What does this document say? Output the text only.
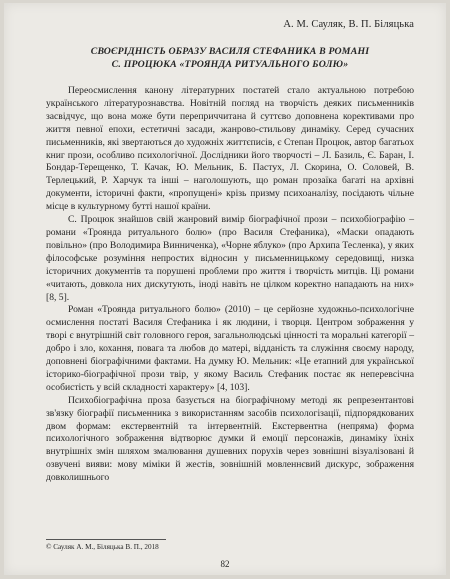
А. М. Сауляк, В. П. Біляцька
СВОЄРІДНІСТЬ ОБРАЗУ ВАСИЛЯ СТЕФАНИКА В РОМАНІ
С. ПРОЦЮКА «ТРОЯНДА РИТУАЛЬНОГО БОЛЮ»

Переосмислення канону літературних постатей стало актуальною потребою українського літературознавства. Новітній погляд на творчість деяких письменників засвідчує, що вона може бути переприччитана й суттєво доповнена корективами про життя певної епохи, естетичні засади, жанрово-стильову динаміку. Серед сучасних письменників, які звертаються до художніх життєписів, є Степан Процюк, автор багатьох книг прози, особливо психологічної. Дослідники його творчості – Л. Базиль, Є. Баран, І. Бондар-Терещенко, Т. Качак, Ю. Мельник, Б. Пастух, Л. Скорина, О. Соловей, В. Терлецький, Р. Харчук та інші – наголошують, що роман прозаїка багаті на архівні документи, історичні факти, «пропущені» крізь призму психоаналізу, посідають чільне місце в культурному бутті нашої країни.

С. Процюк знайшов свій жанровий вимір біографічної прози – психобіографію – романи «Троянда ритуального болю» (про Василя Стефаника), «Маски опадають повільно» (про Володимира Винниченка), «Чорне яблуко» (про Архипа Тесленка), у яких філософське розуміння непростих відносин у письменницькому середовищі, низка історичних документів та порушені проблеми про життя і творчість митців. Ці романи «читають, довкола них дискутують, іноді навіть не цілком коректно нападають на них» [8, 5].

Роман «Троянда ритуального болю» (2010) – це серйозне художньо-психологічне осмислення постаті Василя Стефаника і як людини, і творця. Центром зображення у творі є внутрішній світ головного героя, загальнолюдські цінності та моральні категорії – добро і зло, кохання, повага та любов до матері, відданість та служіння своєму народу, доповнені біографічними фактами. На думку Ю. Мельник: «Це етапний для української історико-біографічної прози твір, у якому Василь Стефаник постає як неперевсічна особистість у всій складності характеру» [4, 103].

Психобіографічна проза базується на біографічному методі як репрезентантові зв'язку біографії письменника з використанням засобів психологізації, підпорядкованих двом формам: екстервентній та інтервентній. Екстервентна (непряма) форма психологічного зображення відтворює думки й емоції персонажів, динаміку їхніх внутрішніх змін шляхом змалювання душевних порухів через зовнішні візуалізовані й озвучені вияви: мову міміки й жестів, зовнішній мовленнєвий дискурс, зображення довколишнього

© Сауляк А. М., Біляцька В. П., 2018
82
